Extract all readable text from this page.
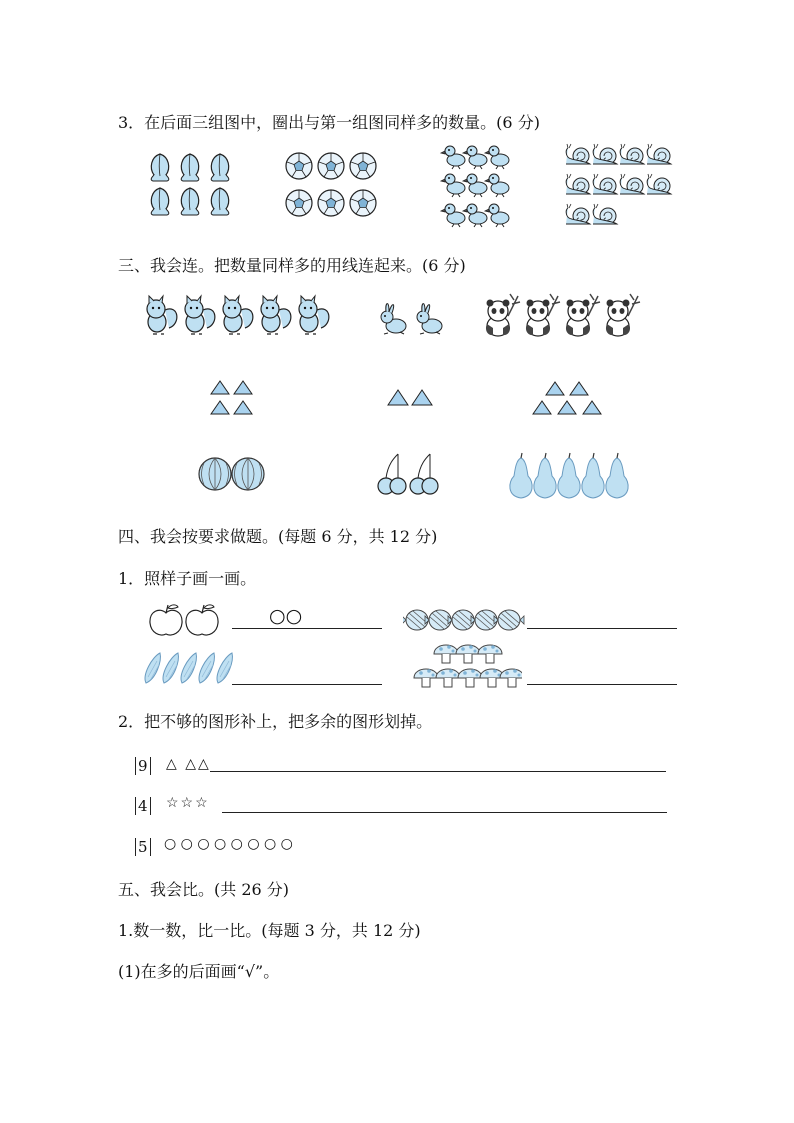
3．在后面三组图中，圈出与第一组图同样多的数量。(6 分)
三、我会连。把数量同样多的用线连起来。(6 分)
四、我会按要求做题。(每题 6 分，共 12 分)
1．照样子画一画。
○○
2．把不够的图形补上，把多余的图形划掉。
9 △ △△
4 ☆☆☆
5 ○ ○ ○ ○ ○ ○ ○ ○
五、我会比。(共 26 分)
1.数一数，比一比。(每题 3 分，共 12 分)
(1)在多的后面画“√”。
